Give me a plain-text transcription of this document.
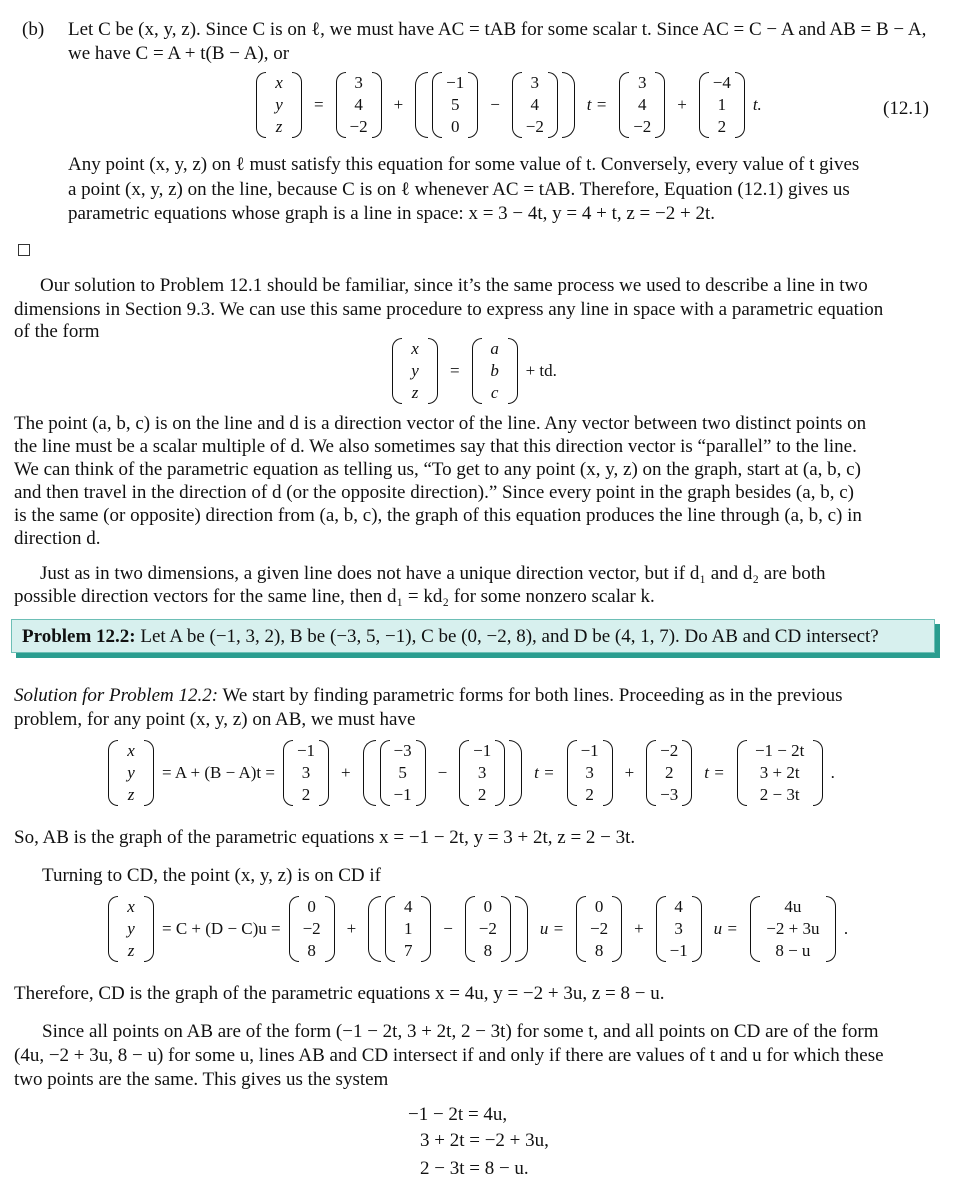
(b) Let C be (x, y, z). Since C is on ℓ, we must have AC = tAB for some scalar t. Since AC = C − A and AB = B − A,
we have C = A + t(B − A), or
x
y
z
=
3
4
−2
+
−1
5
0
−
3
4
−2
t =
3
4
−2
+
−4
1
2
t.	(12.1)
Any point (x, y, z) on ℓ must satisfy this equation for some value of t. Conversely, every value of t gives
a point (x, y, z) on the line, because C is on ℓ whenever AC = tAB. Therefore, Equation (12.1) gives us
parametric equations whose graph is a line in space: x = 3 − 4t, y = 4 + t, z = −2 + 2t.
Our solution to Problem 12.1 should be familiar, since it’s the same process we used to describe a line in two
dimensions in Section 9.3. We can use this same procedure to express any line in space with a parametric equation
of the form
x
y
z
=
a
b
c
+ td.
The point (a, b, c) is on the line and d is a direction vector of the line. Any vector between two distinct points on
the line must be a scalar multiple of d. We also sometimes say that this direction vector is “parallel” to the line.
We can think of the parametric equation as telling us, “To get to any point (x, y, z) on the graph, start at (a, b, c)
and then travel in the direction of d (or the opposite direction).” Since every point in the graph besides (a, b, c)
is the same (or opposite) direction from (a, b, c), the graph of this equation produces the line through (a, b, c) in
direction d.
Just as in two dimensions, a given line does not have a unique direction vector, but if d₁ and d₂ are both
possible direction vectors for the same line, then d₁ = kd₂ for some nonzero scalar k.
Problem 12.2: Let A be (−1, 3, 2), B be (−3, 5, −1), C be (0, −2, 8), and D be (4, 1, 7). Do AB and CD intersect?
Solution for Problem 12.2: We start by finding parametric forms for both lines. Proceeding as in the previous
problem, for any point (x, y, z) on AB, we must have
x
y
z
= A + (B − A)t =
−1
3
2
+
−3
5
−1
−
−1
3
2
t =
−1
3
2
+
−2
2
−3
t =
−1 − 2t
3 + 2t
2 − 3t
.
So, AB is the graph of the parametric equations x = −1 − 2t, y = 3 + 2t, z = 2 − 3t.
Turning to CD, the point (x, y, z) is on CD if
x
y
z
= C + (D − C)u =
0
−2
8
+
4
1
7
−
0
−2
8
u =
0
−2
8
+
4
3
−1
u =
4u
−2 + 3u
8 − u
.
Therefore, CD is the graph of the parametric equations x = 4u, y = −2 + 3u, z = 8 − u.
Since all points on AB are of the form (−1 − 2t, 3 + 2t, 2 − 3t) for some t, and all points on CD are of the form
(4u, −2 + 3u, 8 − u) for some u, lines AB and CD intersect if and only if there are values of t and u for which these
two points are the same. This gives us the system
−1 − 2t = 4u,
3 + 2t = −2 + 3u,
2 − 3t = 8 − u.
